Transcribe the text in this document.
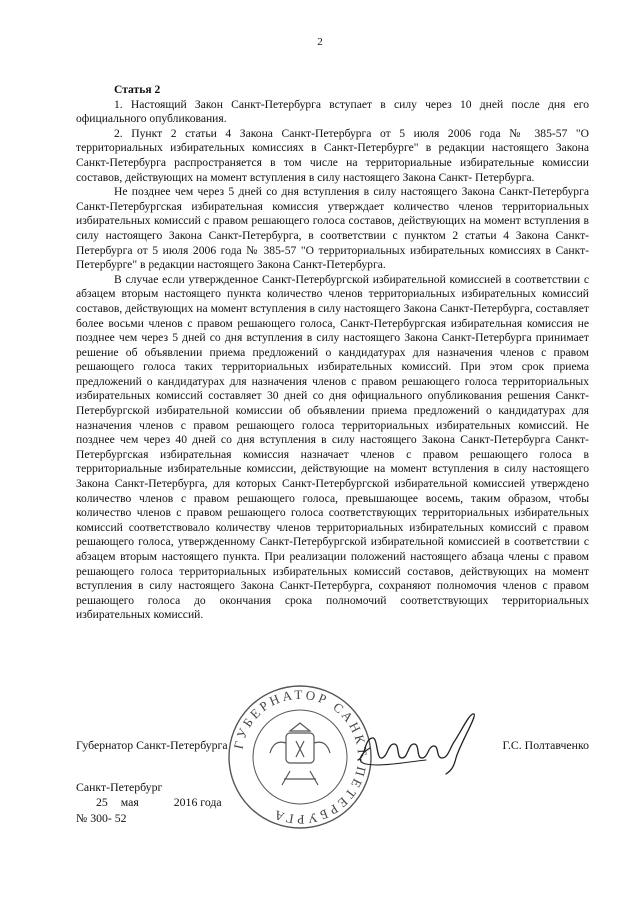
2

Статья 2

1. Настоящий Закон Санкт-Петербурга вступает в силу через 10 дней после дня его официального опубликования.

2. Пункт 2 статьи 4 Закона Санкт-Петербурга от 5 июля 2006 года № 385-57 "О территориальных избирательных комиссиях в Санкт-Петербурге" в редакции настоящего Закона Санкт-Петербурга распространяется в том числе на территориальные избирательные комиссии составов, действующих на момент вступления в силу настоящего Закона Санкт- Петербурга.

Не позднее чем через 5 дней со дня вступления в силу настоящего Закона Санкт-Петербурга Санкт-Петербургская избирательная комиссия утверждает количество членов территориальных избирательных комиссий с правом решающего голоса составов, действующих на момент вступления в силу настоящего Закона Санкт-Петербурга, в соответствии с пунктом 2 статьи 4 Закона Санкт-Петербурга от 5 июля 2006 года № 385-57 "О территориальных избирательных комиссиях в Санкт-Петербурге" в редакции настоящего Закона Санкт-Петербурга.

В случае если утвержденное Санкт-Петербургской избирательной комиссией в соответствии с абзацем вторым настоящего пункта количество членов территориальных избирательных комиссий составов, действующих на момент вступления в силу настоящего Закона Санкт-Петербурга, составляет более восьми членов с правом решающего голоса, Санкт-Петербургская избирательная комиссия не позднее чем через 5 дней со дня вступления в силу настоящего Закона Санкт-Петербурга принимает решение об объявлении приема предложений о кандидатурах для назначения членов с правом решающего голоса таких территориальных избирательных комиссий. При этом срок приема предложений о кандидатурах для назначения членов с правом решающего голоса территориальных избирательных комиссий составляет 30 дней со дня официального опубликования решения Санкт-Петербургской избирательной комиссии об объявлении приема предложений о кандидатурах для назначения членов с правом решающего голоса территориальных избирательных комиссий. Не позднее чем через 40 дней со дня вступления в силу настоящего Закона Санкт-Петербурга Санкт-Петербургская избирательная комиссия назначает членов с правом решающего голоса в территориальные избирательные комиссии, действующие на момент вступления в силу настоящего Закона Санкт-Петербурга, для которых Санкт-Петербургской избирательной комиссией утверждено количество членов с правом решающего голоса, превышающее восемь, таким образом, чтобы количество членов с правом решающего голоса соответствующих территориальных избирательных комиссий соответствовало количеству членов территориальных избирательных комиссий с правом решающего голоса, утвержденному Санкт-Петербургской избирательной комиссией в соответствии с абзацем вторым настоящего пункта. При реализации положений настоящего абзаца члены с правом решающего голоса территориальных избирательных комиссий составов, действующих на момент вступления в силу настоящего Закона Санкт-Петербурга, сохраняют полномочия членов с правом решающего голоса до окончания срока полномочий соответствующих территориальных избирательных комиссий.

ГУБЕРНАТОР САНКТ-ПЕТЕРБУРГА
Губернатор Санкт-Петербурга	Г.С. Полтавченко
Санкт-Петербург
25 мая	2016 года
№ 300- 52
